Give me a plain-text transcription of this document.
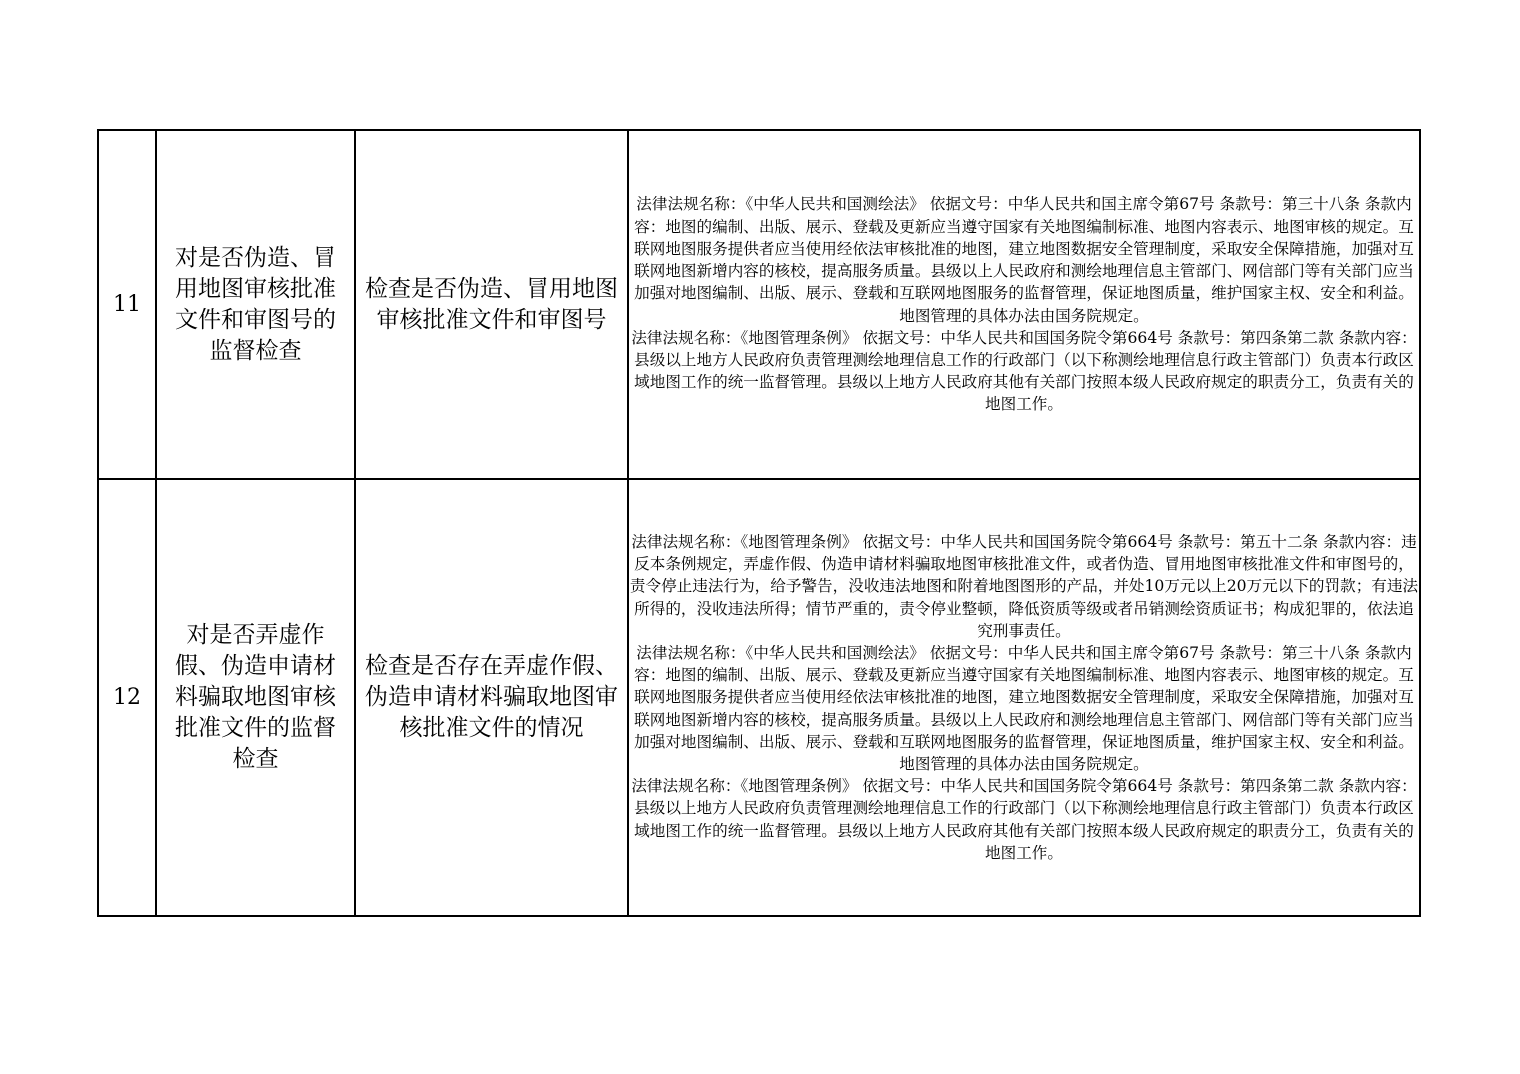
11	对是否伪造、冒用地图审核批准文件和审图号的监督检查	检查是否伪造、冒用地图审核批准文件和审图号	法律法规名称：《中华人民共和国测绘法》 依据文号：中华人民共和国主席令第67号 条款号：第三十八条 条款内容：地图的编制、出版、展示、登载及更新应当遵守国家有关地图编制标准、地图内容表示、地图审核的规定。互联网地图服务提供者应当使用经依法审核批准的地图，建立地图数据安全管理制度，采取安全保障措施，加强对互联网地图新增内容的核校，提高服务质量。县级以上人民政府和测绘地理信息主管部门、网信部门等有关部门应当加强对地图编制、出版、展示、登载和互联网地图服务的监督管理，保证地图质量，维护国家主权、安全和利益。地图管理的具体办法由国务院规定。

法律法规名称：《地图管理条例》 依据文号：中华人民共和国国务院令第664号 条款号：第四条第二款 条款内容：县级以上地方人民政府负责管理测绘地理信息工作的行政部门（以下称测绘地理信息行政主管部门）负责本行政区域地图工作的统一监督管理。县级以上地方人民政府其他有关部门按照本级人民政府规定的职责分工，负责有关的地图工作。

12	对是否弄虚作假、伪造申请材料骗取地图审核批准文件的监督检查	检查是否存在弄虚作假、伪造申请材料骗取地图审核批准文件的情况	法律法规名称：《地图管理条例》 依据文号：中华人民共和国国务院令第664号 条款号：第五十二条 条款内容：违反本条例规定，弄虚作假、伪造申请材料骗取地图审核批准文件，或者伪造、冒用地图审核批准文件和审图号的，责令停止违法行为，给予警告，没收违法地图和附着地图图形的产品，并处10万元以上20万元以下的罚款；有违法所得的，没收违法所得；情节严重的，责令停业整顿，降低资质等级或者吊销测绘资质证书；构成犯罪的，依法追究刑事责任。

法律法规名称：《中华人民共和国测绘法》 依据文号：中华人民共和国主席令第67号 条款号：第三十八条 条款内容：地图的编制、出版、展示、登载及更新应当遵守国家有关地图编制标准、地图内容表示、地图审核的规定。互联网地图服务提供者应当使用经依法审核批准的地图，建立地图数据安全管理制度，采取安全保障措施，加强对互联网地图新增内容的核校，提高服务质量。县级以上人民政府和测绘地理信息主管部门、网信部门等有关部门应当加强对地图编制、出版、展示、登载和互联网地图服务的监督管理，保证地图质量，维护国家主权、安全和利益。地图管理的具体办法由国务院规定。

法律法规名称：《地图管理条例》 依据文号：中华人民共和国国务院令第664号 条款号：第四条第二款 条款内容：县级以上地方人民政府负责管理测绘地理信息工作的行政部门（以下称测绘地理信息行政主管部门）负责本行政区域地图工作的统一监督管理。县级以上地方人民政府其他有关部门按照本级人民政府规定的职责分工，负责有关的地图工作。
